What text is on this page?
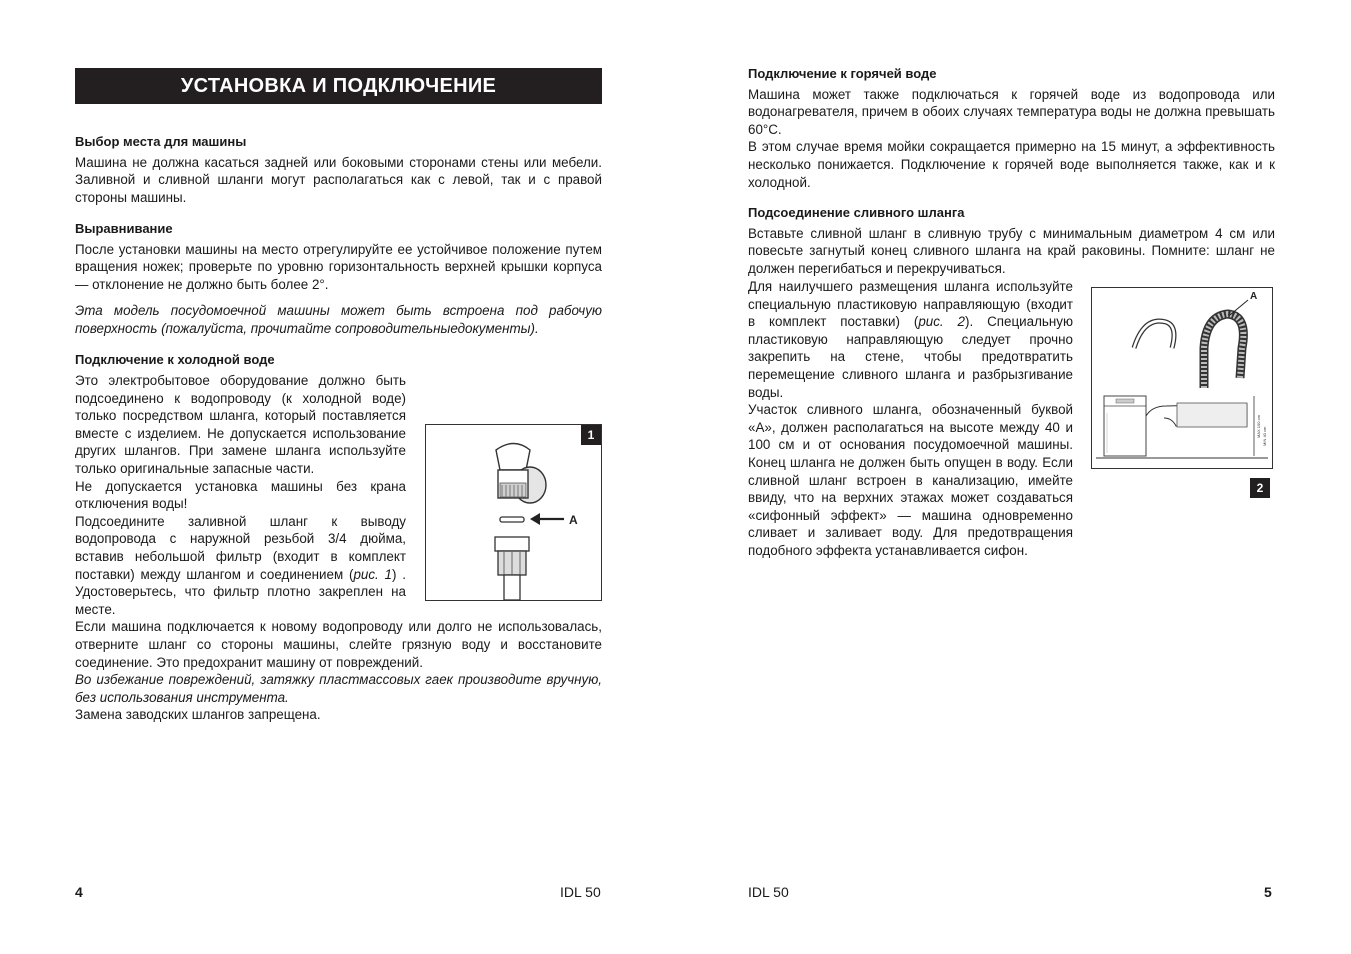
УСТАНОВКА И ПОДКЛЮЧЕНИЕ
Выбор места для машины

Машина не должна касаться задней или боковыми сторонами стены или мебели. Заливной и сливной шланги могут располагаться как с левой, так и с правой стороны машины.

Выравнивание

После установки машины на место отрегулируйте ее устойчивое положение путем вращения ножек; проверьте по уровню горизонтальность верхней крышки корпуса — отклонение не должно быть более 2°.

Эта модель посудомоечной машины может быть встроена под рабочую поверхность (пожалуйста, прочитайте сопроводительныедокументы).

Подключение к холодной воде

Это электробытовое оборудование должно быть подсоединено к водопроводу (к холодной воде) только посредством шланга, который поставляется вместе с изделием. Не допускается использование других шлангов. При замене шланга используйте только оригинальные запасные части.

Не допускается установка машины без крана отключения воды!

Подсоедините заливной шланг к выводу водопровода с наружной резьбой 3/4 дюйма, вставив небольшой фильтр (входит в комплект поставки) между шлангом и соединением (рис. 1) . Удостоверьтесь, что фильтр плотно закреплен на месте.

Если машина подключается к новому водопроводу или долго не использовалась, отверните шланг со стороны машины, слейте грязную воду и восстановите соединение. Это предохранит машину от повреждений.

Во избежание повреждений, затяжку пластмассовых гаек производите вручную, без использования инструмента.

Замена заводских шлангов запрещена.

1
A
4	IDL 50
Подключение к горячей воде

Машина может также подключаться к горячей воде из водопровода или водонагревателя, причем в обоих случаях температура воды не должна превышать 60°C.

В этом случае время мойки сокращается примерно на 15 минут, а эффективность несколько понижается. Подключение к горячей воде выполняется также, как и к холодной.

Подсоединение сливного шланга

Вставьте сливной шланг в сливную трубу с минимальным диаметром 4 см или повесьте загнутый конец сливного шланга на край раковины. Помните: шланг не должен перегибаться и перекручиваться.

Для наилучшего размещения шланга используйте специальную пластиковую направляющую (входит в комплект поставки) (рис. 2). Специальную пластиковую направляющую следует прочно закрепить на стене, чтобы предотвратить перемещение сливного шланга и разбрызгивание воды.

Участок сливного шланга, обозначенный буквой «А», должен располагаться на высоте между 40 и 100 см и от основания посудомоечной машины. Конец шланга не должен быть опущен в воду. Если сливной шланг встроен в канализацию, имейте ввиду, что на верхних этажах может создаваться «сифонный эффект» — машина одновременно сливает и заливает воду. Для предотвращения подобного эффекта устанавливается сифон.

A
MAX 100 cm MIN 40 cm
2
IDL 50	5
